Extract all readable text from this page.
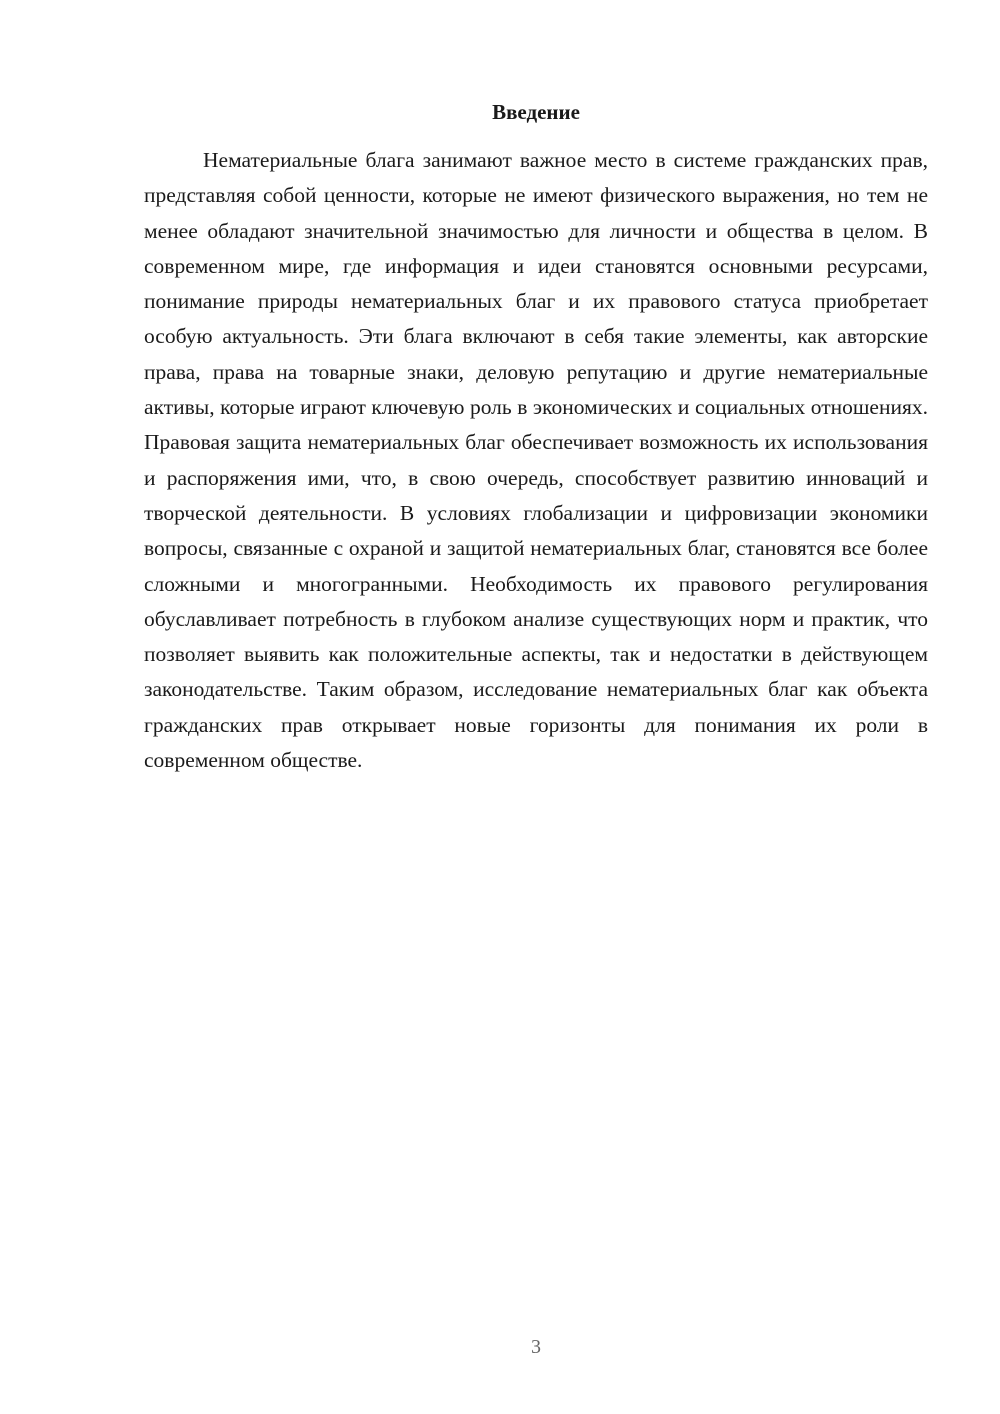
Введение

Нематериальные блага занимают важное место в системе гражданских прав, представляя собой ценности, которые не имеют физического выражения, но тем не менее обладают значительной значимостью для личности и общества в целом. В современном мире, где информация и идеи становятся основными ресурсами, понимание природы нематериальных благ и их правового статуса приобретает особую актуальность. Эти блага включают в себя такие элементы, как авторские права, права на товарные знаки, деловую репутацию и другие нематериальные активы, которые играют ключевую роль в экономических и социальных отношениях. Правовая защита нематериальных благ обеспечивает возможность их использования и распоряжения ими, что, в свою очередь, способствует развитию инноваций и творческой деятельности. В условиях глобализации и цифровизации экономики вопросы, связанные с охраной и защитой нематериальных благ, становятся все более сложными и многогранными. Необходимость их правового регулирования обуславливает потребность в глубоком анализе существующих норм и практик, что позволяет выявить как положительные аспекты, так и недостатки в действующем законодательстве. Таким образом, исследование нематериальных благ как объекта гражданских прав открывает новые горизонты для понимания их роли в современном обществе.

3
